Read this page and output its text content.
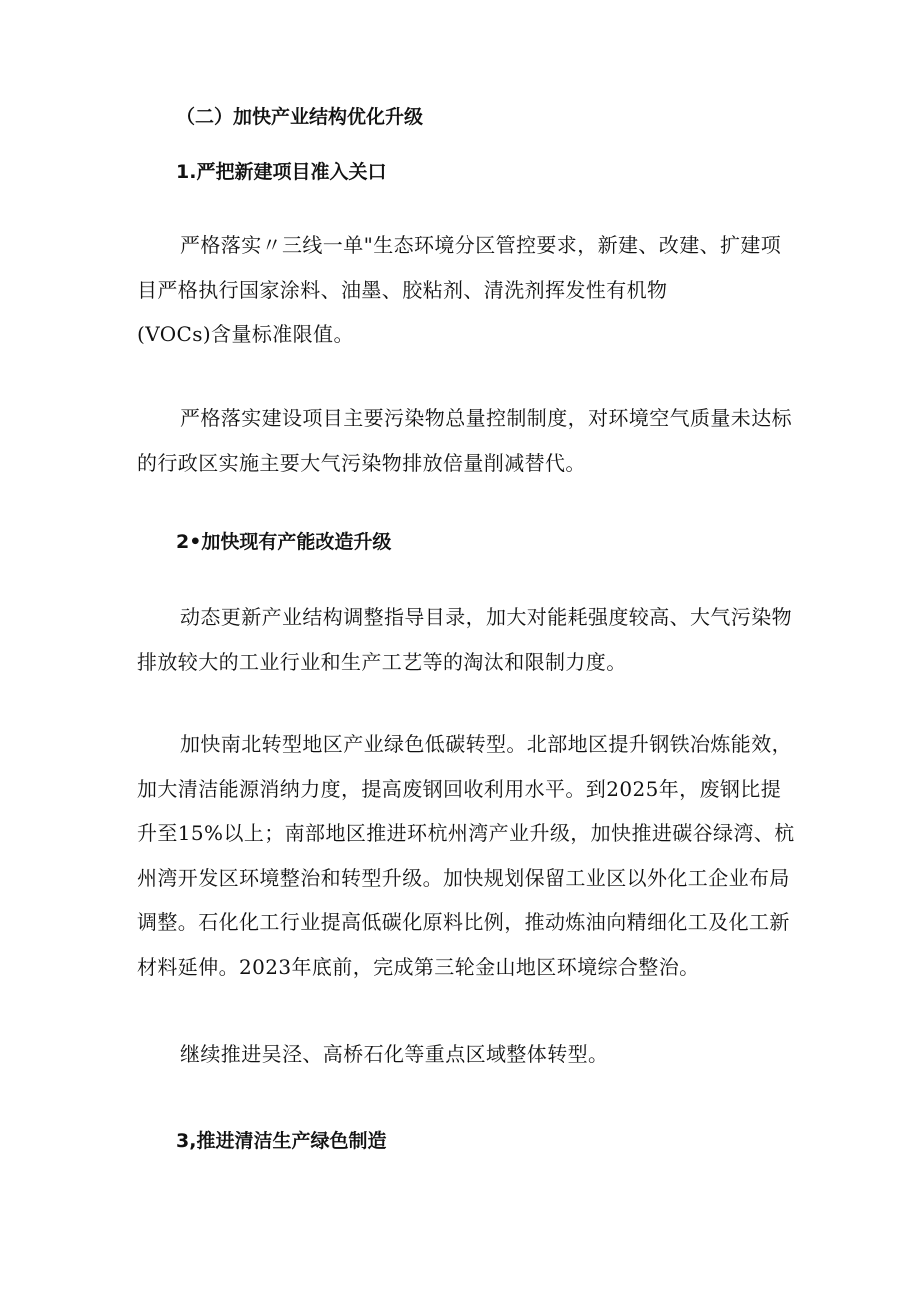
（二）加快产业结构优化升级
1.严把新建项目准入关口
严格落实〃三线一单"生态环境分区管控要求，新建、改建、扩建项
目严格执行国家涂料、油墨、胶粘剂、清洗剂挥发性有机物
(VOCs)含量标准限值。
严格落实建设项目主要污染物总量控制制度，对环境空气质量未达标
的行政区实施主要大气污染物排放倍量削减替代。
2•加快现有产能改造升级
动态更新产业结构调整指导目录，加大对能耗强度较高、大气污染物
排放较大的工业行业和生产工艺等的淘汰和限制力度。
加快南北转型地区产业绿色低碳转型。北部地区提升钢铁冶炼能效，
加大清洁能源消纳力度，提高废钢回收利用水平。到2025年，废钢比提
升至15%以上；南部地区推进环杭州湾产业升级，加快推进碳谷绿湾、杭
州湾开发区环境整治和转型升级。加快规划保留工业区以外化工企业布局
调整。石化化工行业提高低碳化原料比例，推动炼油向精细化工及化工新
材料延伸。2023年底前，完成第三轮金山地区环境综合整治。
继续推进吴泾、高桥石化等重点区域整体转型。
3,推进清洁生产绿色制造
